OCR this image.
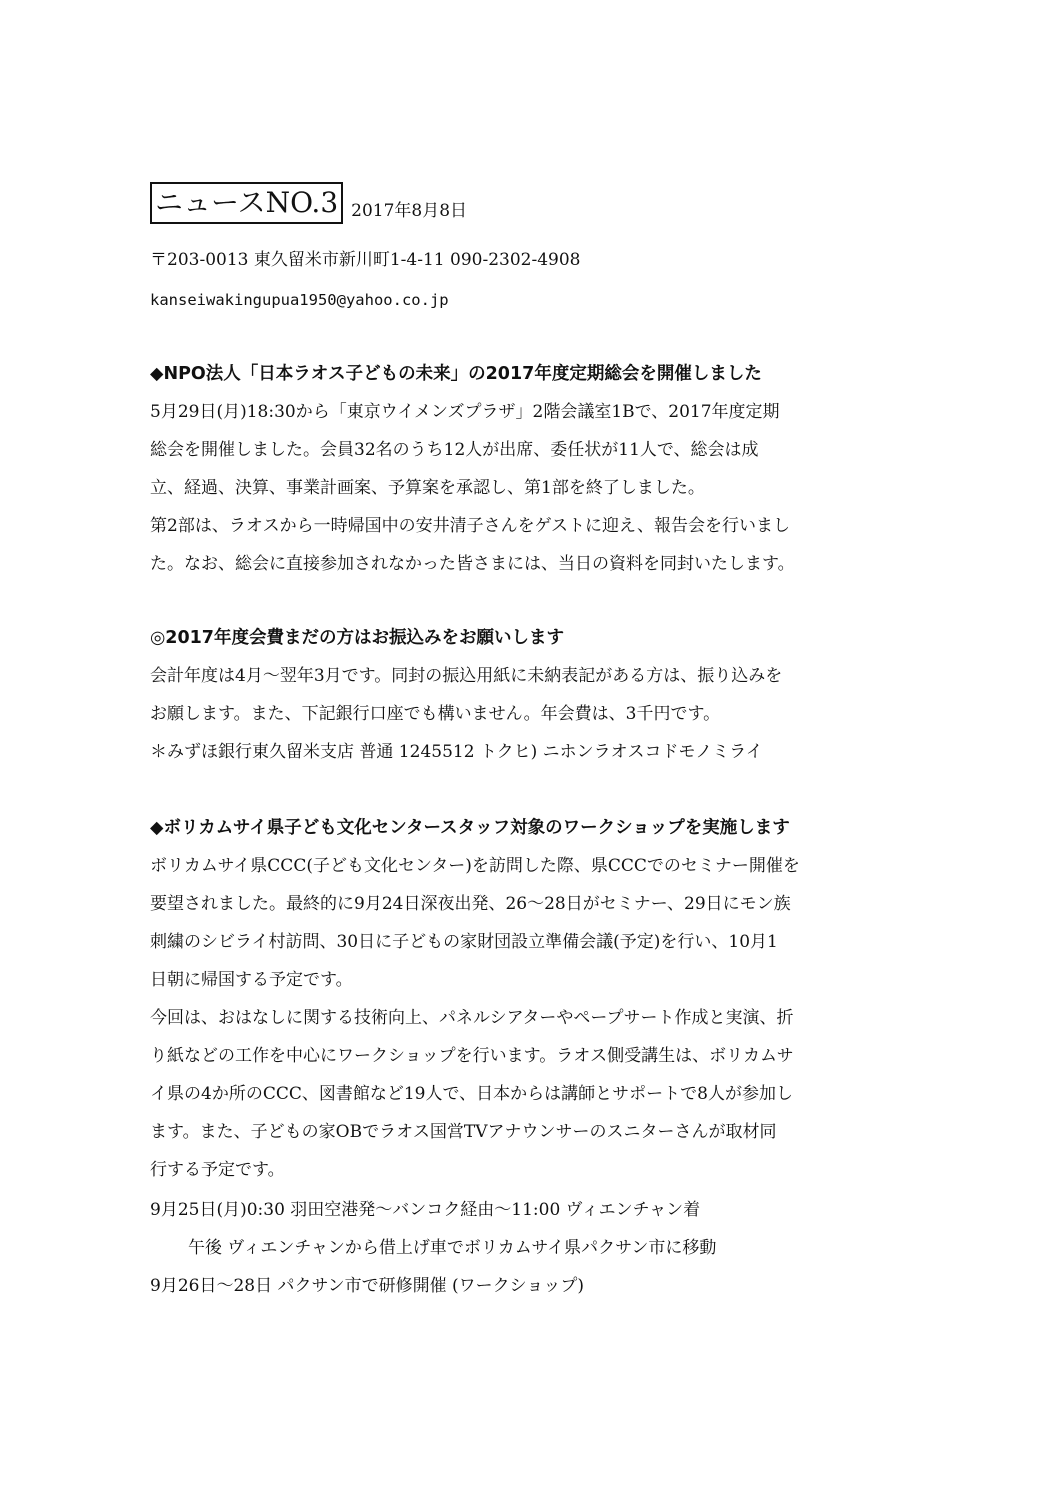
ニュースNO.3 2017年8月8日
〒203-0013 東久留米市新川町1-4-11 090-2302-4908
kanseiwakingupua1950@yahoo.co.jp
◆NPO法人「日本ラオス子どもの未来」の2017年度定期総会を開催しました
5月29日(月)18:30から「東京ウイメンズプラザ」2階会議室1Bで、2017年度定期
総会を開催しました。会員32名のうち12人が出席、委任状が11人で、総会は成
立、経過、決算、事業計画案、予算案を承認し、第1部を終了しました。
第2部は、ラオスから一時帰国中の安井清子さんをゲストに迎え、報告会を行いまし
た。なお、総会に直接参加されなかった皆さまには、当日の資料を同封いたします。
◎2017年度会費まだの方はお振込みをお願いします
会計年度は4月～翌年3月です。同封の振込用紙に未納表記がある方は、振り込みを
お願します。また、下記銀行口座でも構いません。年会費は、3千円です。
＊みずほ銀行東久留米支店 普通 1245512 トクヒ) ニホンラオスコドモノミライ
◆ボリカムサイ県子ども文化センタースタッフ対象のワークショップを実施します
ボリカムサイ県CCC(子ども文化センター)を訪問した際、県CCCでのセミナー開催を
要望されました。最終的に9月24日深夜出発、26～28日がセミナー、29日にモン族
刺繍のシビライ村訪問、30日に子どもの家財団設立準備会議(予定)を行い、10月1
日朝に帰国する予定です。
今回は、おはなしに関する技術向上、パネルシアターやペープサート作成と実演、折
り紙などの工作を中心にワークショップを行います。ラオス側受講生は、ボリカムサ
イ県の4か所のCCC、図書館など19人で、日本からは講師とサポートで8人が参加し
ます。また、子どもの家OBでラオス国営TVアナウンサーのスニターさんが取材同
行する予定です。
9月25日(月)0:30 羽田空港発～バンコク経由～11:00 ヴィエンチャン着
午後 ヴィエンチャンから借上げ車でボリカムサイ県パクサン市に移動
9月26日～28日 パクサン市で研修開催 (ワークショップ)
